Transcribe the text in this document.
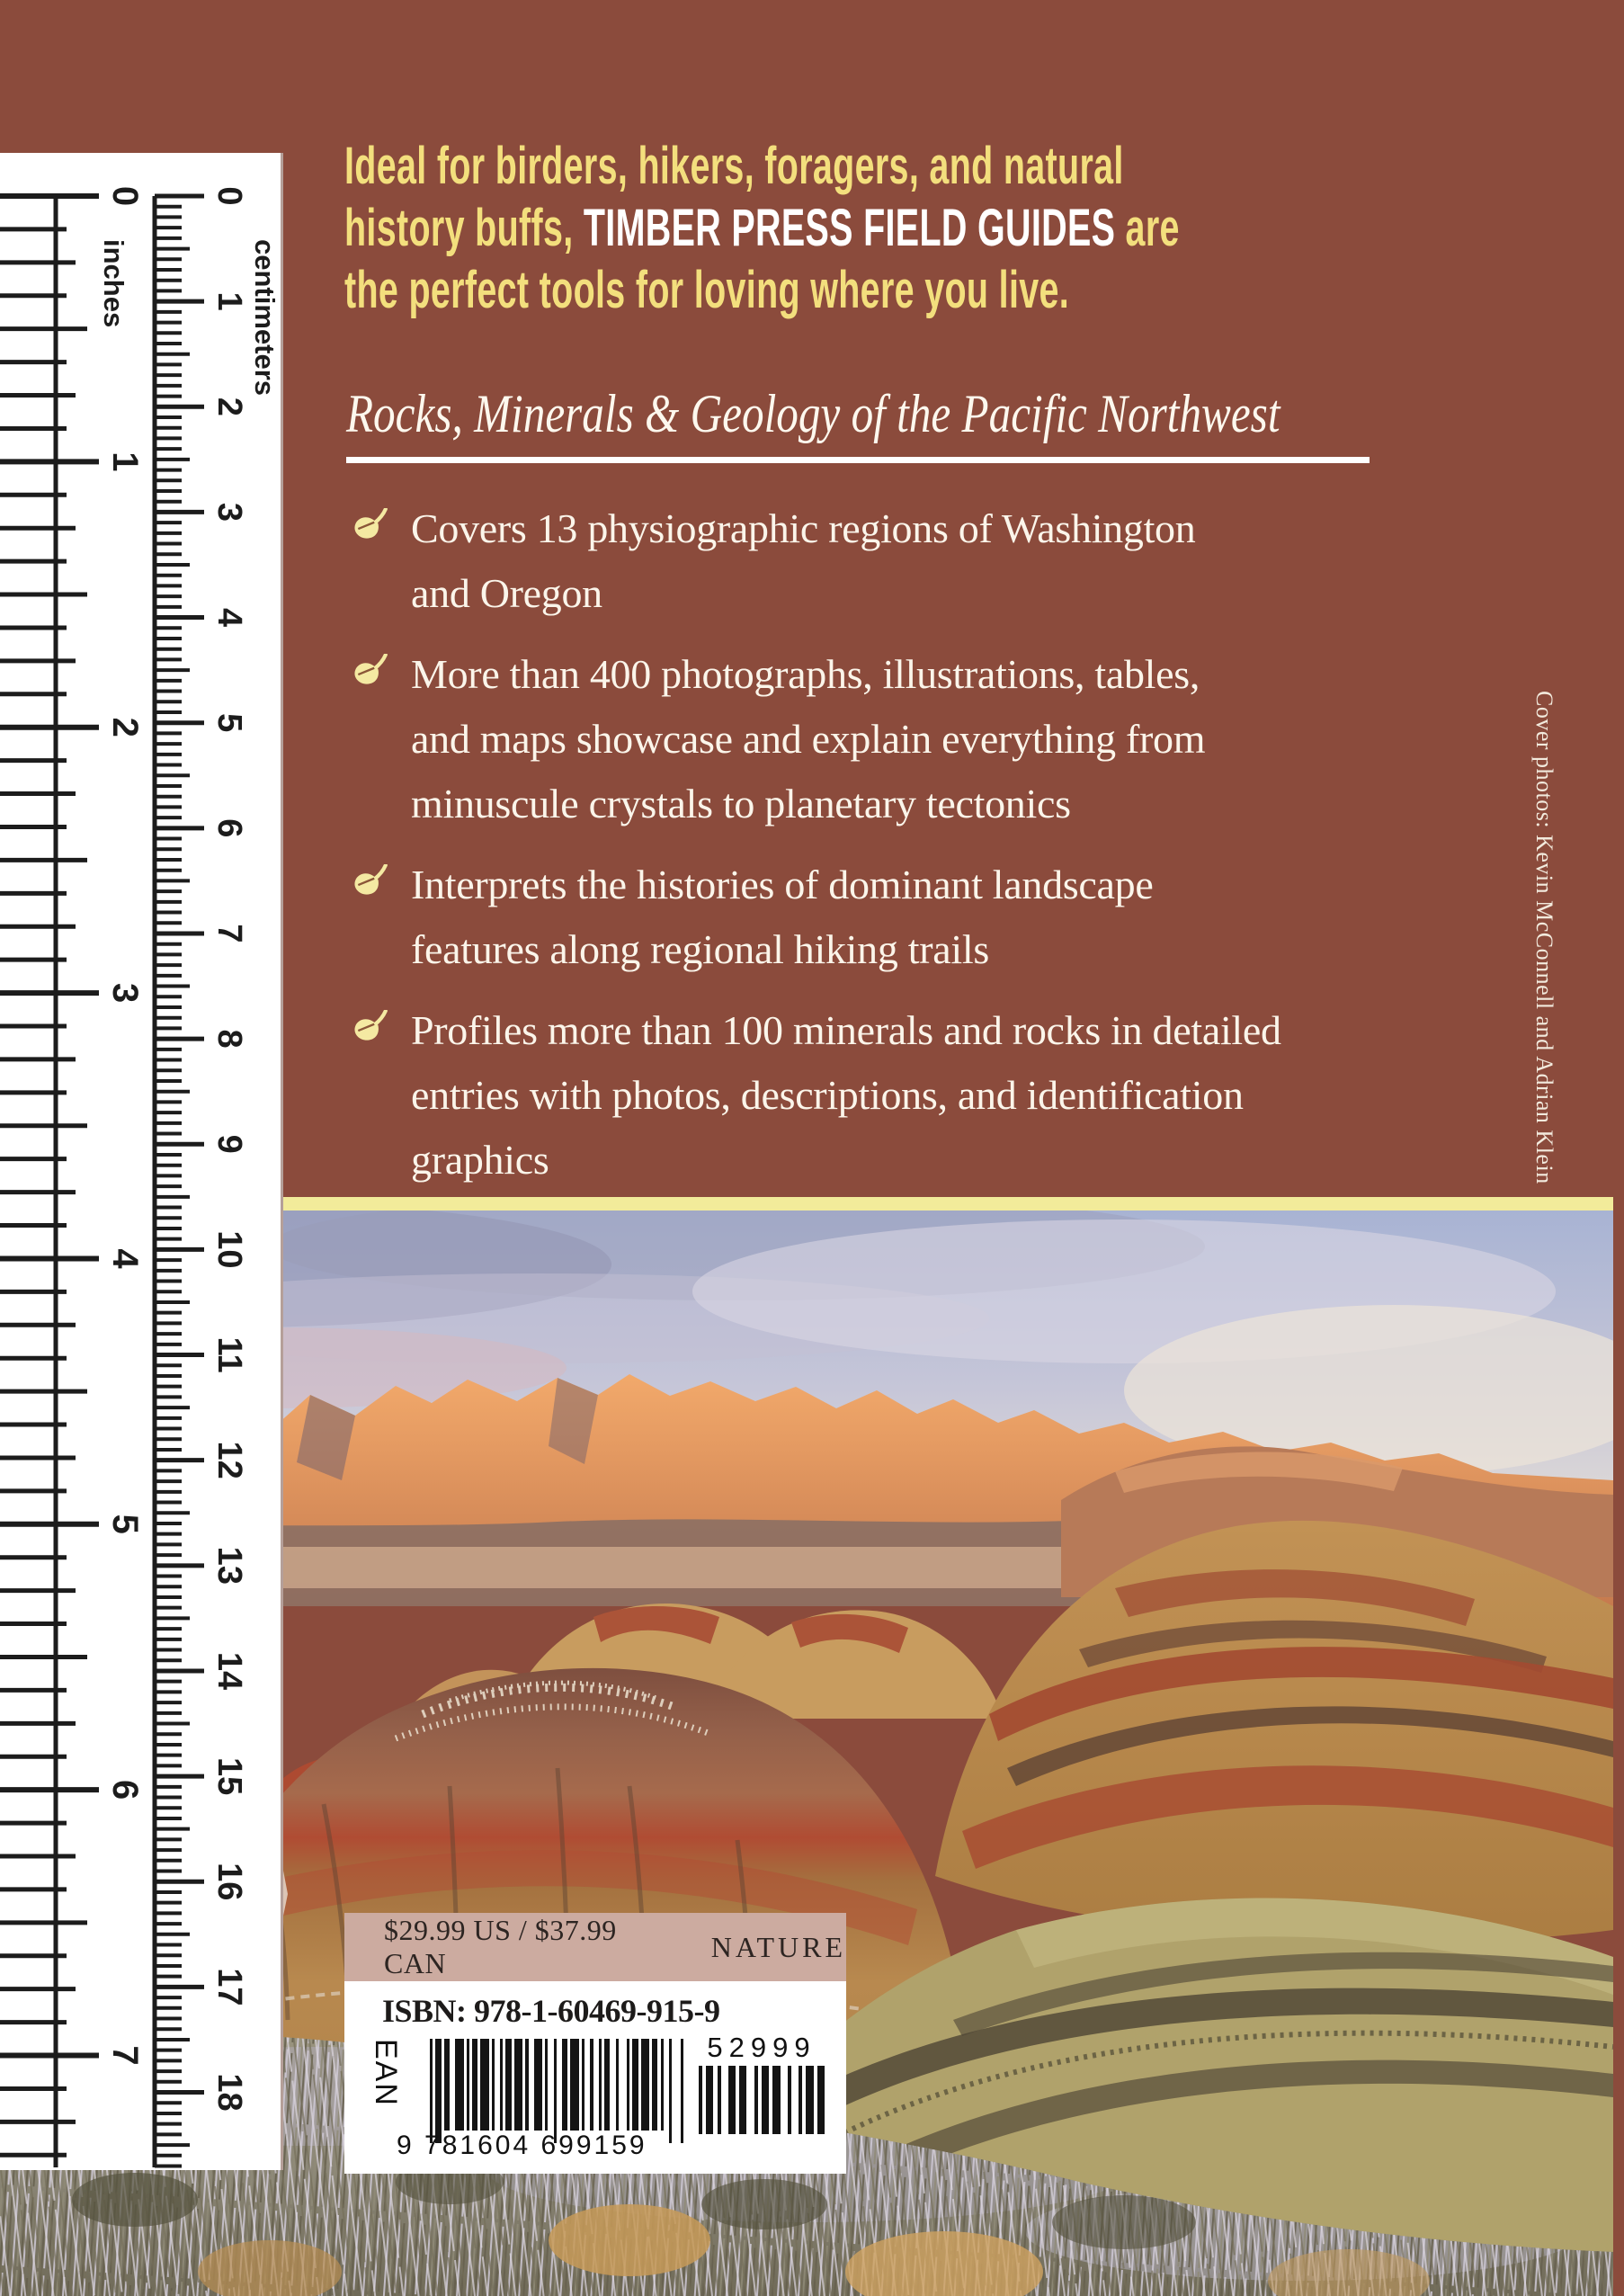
0
1
2
3
4
5
6
7
0
1
2
3
4
5
6
7
8
9
10
11
12
13
14
15
16
17
18
inches	centimeters
Ideal for birders, hikers, foragers, and natural
history buffs, TIMBER PRESS FIELD GUIDES are
the perfect tools for loving where you live.
Rocks, Minerals & Geology of the Pacific Northwest
Covers 13 physiographic regions of Washington
and Oregon
More than 400 photographs, illustrations, tables,
and maps showcase and explain everything from
minuscule crystals to planetary tectonics
Interprets the histories of dominant landscape
features along regional hiking trails
Profiles more than 100 minerals and rocks in detailed
entries with photos, descriptions, and identification
graphics	Cover photos: Kevin McConnell and Adrian Klein
$29.99 US / $37.99 CAN
NATURE
ISBN: 978-1-60469-915-9
EAN	52999
9 781604 699159
